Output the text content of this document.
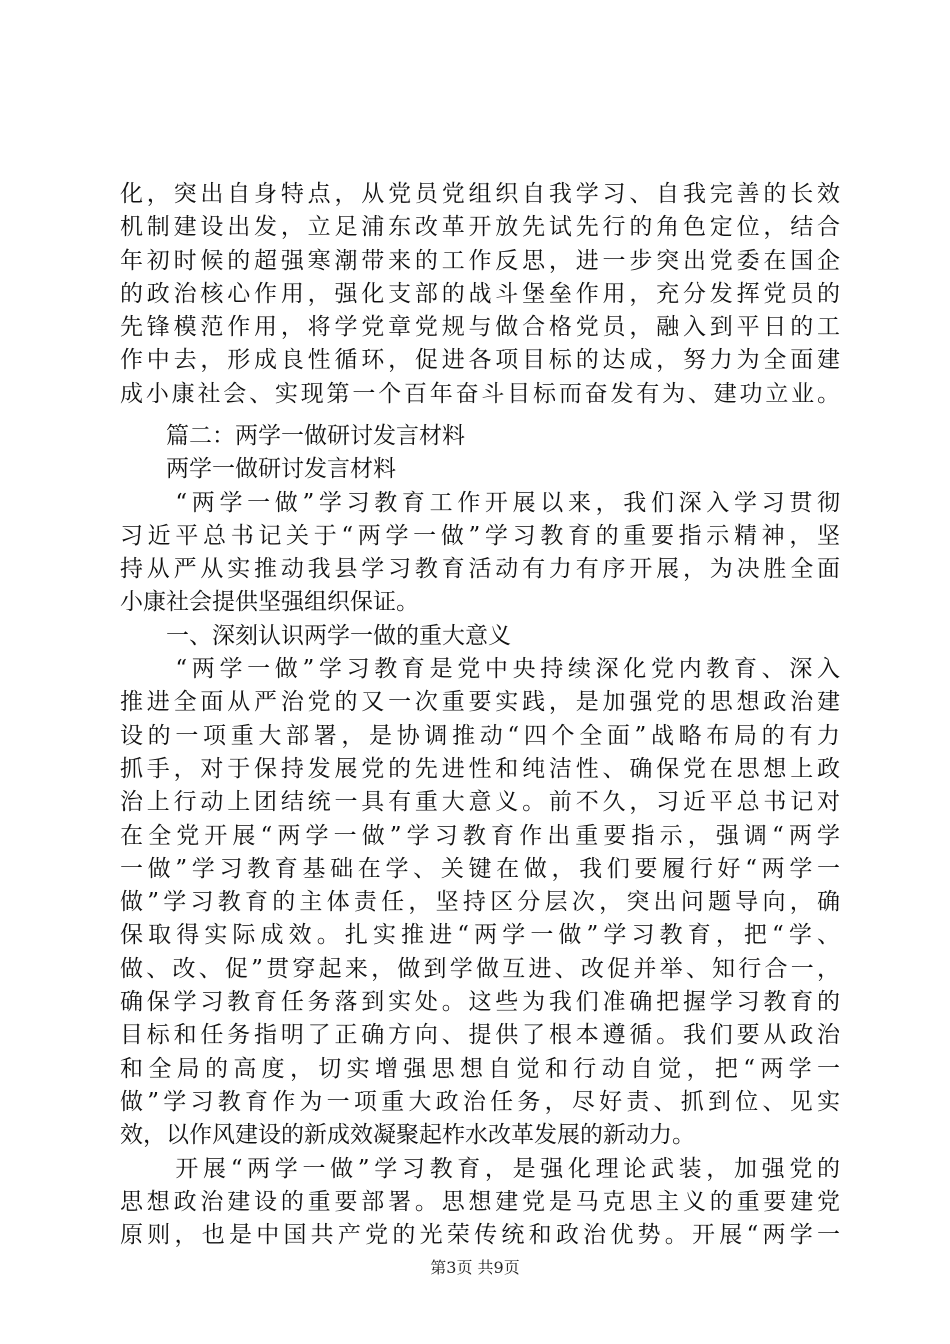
化，突出自身特点，从党员党组织自我学习、自我完善的长效
机制建设出发，立足浦东改革开放先试先行的角色定位，结合
年初时候的超强寒潮带来的工作反思，进一步突出党委在国企
的政治核心作用，强化支部的战斗堡垒作用，充分发挥党员的
先锋模范作用，将学党章党规与做合格党员，融入到平日的工
作中去，形成良性循环，促进各项目标的达成，努力为全面建
成小康社会、实现第一个百年奋斗目标而奋发有为、建功立业。
　　篇二：两学一做研讨发言材料
　　两学一做研讨发言材料
　　“两学一做”学习教育工作开展以来，我们深入学习贯彻
习近平总书记关于“两学一做”学习教育的重要指示精神，坚
持从严从实推动我县学习教育活动有力有序开展，为决胜全面
小康社会提供坚强组织保证。
　　一、深刻认识两学一做的重大意义
　　“两学一做”学习教育是党中央持续深化党内教育、深入
推进全面从严治党的又一次重要实践，是加强党的思想政治建
设的一项重大部署，是协调推动“四个全面”战略布局的有力
抓手，对于保持发展党的先进性和纯洁性、确保党在思想上政
治上行动上团结统一具有重大意义。前不久，习近平总书记对
在全党开展“两学一做”学习教育作出重要指示，强调“两学
一做”学习教育基础在学、关键在做，我们要履行好“两学一
做”学习教育的主体责任，坚持区分层次，突出问题导向，确
保取得实际成效。扎实推进“两学一做”学习教育，把“学、
做、改、促”贯穿起来，做到学做互进、改促并举、知行合一，
确保学习教育任务落到实处。这些为我们准确把握学习教育的
目标和任务指明了正确方向、提供了根本遵循。我们要从政治
和全局的高度，切实增强思想自觉和行动自觉，把“两学一
做”学习教育作为一项重大政治任务，尽好责、抓到位、见实
效，以作风建设的新成效凝聚起柞水改革发展的新动力。
　　开展“两学一做”学习教育，是强化理论武装，加强党的
思想政治建设的重要部署。思想建党是马克思主义的重要建党
原则，也是中国共产党的光荣传统和政治优势。开展“两学一
第3页 共9页
